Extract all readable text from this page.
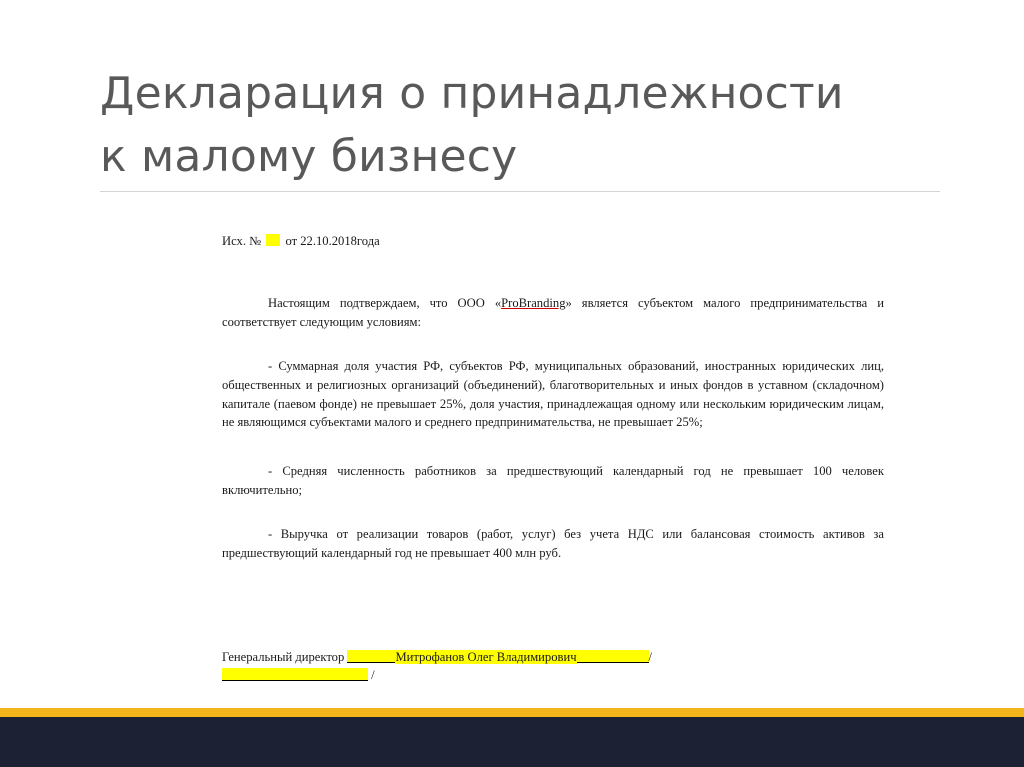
Декларация о принадлежности
к малому бизнесу
Исх. № от 22.10.2018года
Настоящим подтверждаем, что ООО «ProBranding» является субъектом малого предпринимательства и соответствует следующим условиям:
- Суммарная доля участия РФ, субъектов РФ, муниципальных образований, иностранных юридических лиц, общественных и религиозных организаций (объединений), благотворительных и иных фондов в уставном (складочном) капитале (паевом фонде) не превышает 25%, доля участия, принадлежащая одному или нескольким юридическим лицам, не являющимся субъектами малого и среднего предпринимательства, не превышает 25%;
- Средняя численность работников за предшествующий календарный год не превышает 100 человек включительно;
- Выручка от реализации товаров (работ, услуг) без учета НДС или балансовая стоимость активов за предшествующий календарный год не превышает 400 млн руб.
Генеральный директор	Митрофанов Олег Владимирович	/
/
